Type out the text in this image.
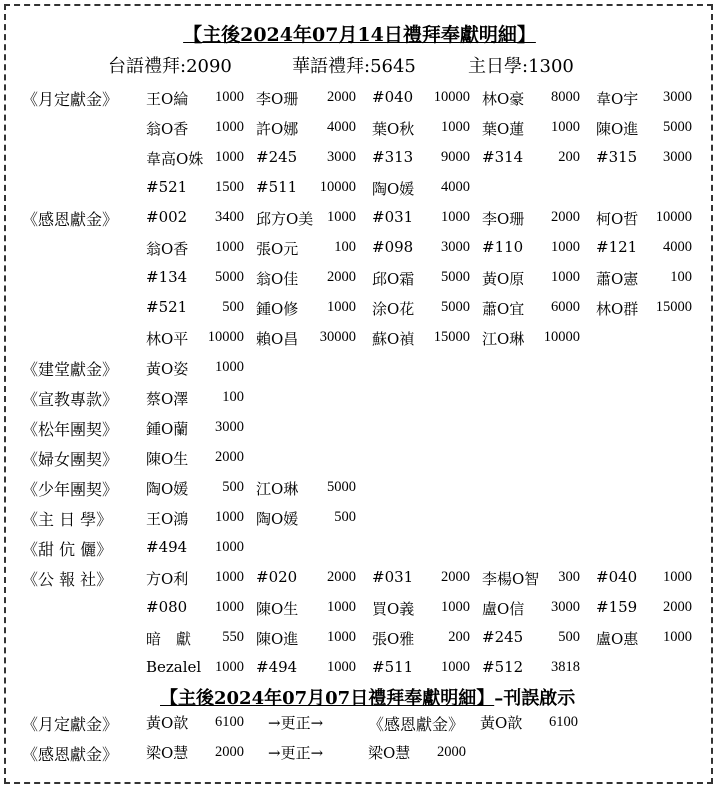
【主後2024年07月14日禮拜奉獻明細】
台語禮拜:2090	華語禮拜:5645	主日學:1300
《月定獻金》 王O綸	1000 李O珊	2000 #040	10000 林O豪	8000 韋O宇	3000
翁O香	1000 許O娜	4000 葉O秋	1000 葉O蓮	1000 陳O進	5000
韋高O姝 1000 #245	3000 #313	9000 #314	200 #315	3000
#521	1500 #511	10000 陶O媛	4000
《感恩獻金》 #002	3400 邱方O美 1000 #031	1000 李O珊	2000 柯O哲	10000
翁O香	1000 張O元	100 #098	3000 #110	1000 #121	4000
#134	5000 翁O佳	2000 邱O霜	5000 黃O原	1000 蕭O憲	100
#521	500 鍾O修	1000 涂O花	5000 蕭O宜	6000 林O群	15000
林O平	10000 賴O昌	30000 蘇O禎	15000 江O琳	10000
《建堂獻金》 黃O姿	1000
《宣教專款》 蔡O澤	100
《松年團契》 鍾O蘭	3000
《婦女團契》 陳O生	2000
《少年團契》 陶O媛	500 江O琳	5000
《主 日 學》 王O鴻	1000 陶O媛	500
《甜 伉 儷》 #494	1000
《公 報 社》 方O利	1000 #020	2000 #031	2000 李楊O智	300 #040	1000
#080	1000 陳O生	1000 買O義	1000 盧O信	3000 #159	2000
暗　獻	550 陳O進	1000 張O雅	200 #245	500 盧O惠	1000
Bezalel 1000 #494	1000 #511	1000 #512	3818
【主後2024年07月07日禮拜奉獻明細】–刊誤啟示
《月定獻金》 黃O歆	6100 →更正→	《感恩獻金》 黃O歆	6100
《感恩獻金》 梁O慧	2000 →更正→	梁O慧	2000
